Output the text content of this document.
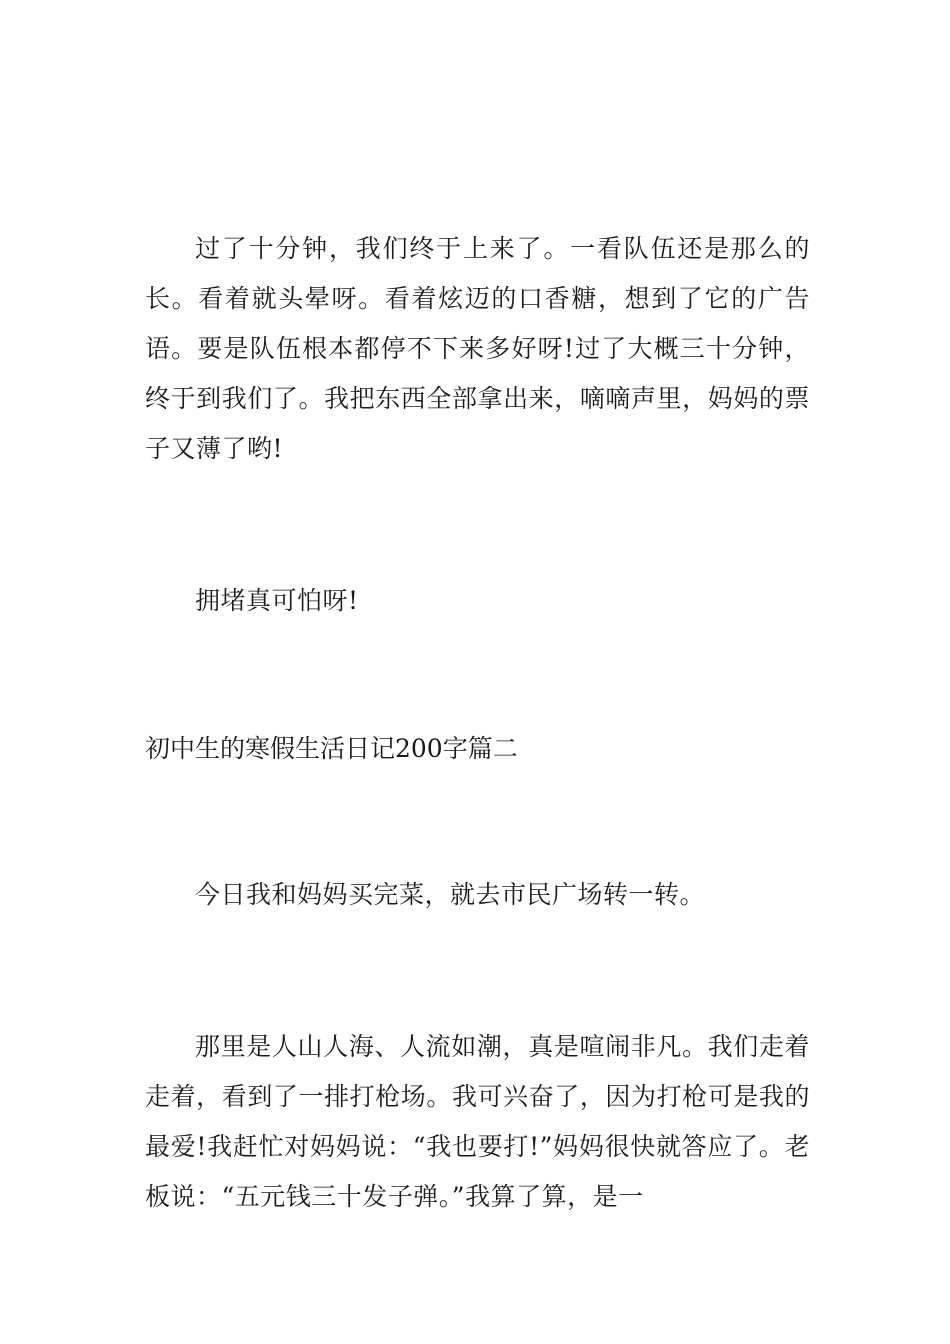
过了十分钟，我们终于上来了。一看队伍还是那么的长。看着就头晕呀。看着炫迈的口香糖，想到了它的广告语。要是队伍根本都停不下来多好呀!过了大概三十分钟，终于到我们了。我把东西全部拿出来，嘀嘀声里，妈妈的票子又薄了哟!

拥堵真可怕呀!

初中生的寒假生活日记200字篇二

今日我和妈妈买完菜，就去市民广场转一转。

那里是人山人海、人流如潮，真是喧闹非凡。我们走着走着，看到了一排打枪场。我可兴奋了，因为打枪可是我的最爱!我赶忙对妈妈说：“我也要打!”妈妈很快就答应了。老板说：“五元钱三十发子弹。”我算了算，是一
